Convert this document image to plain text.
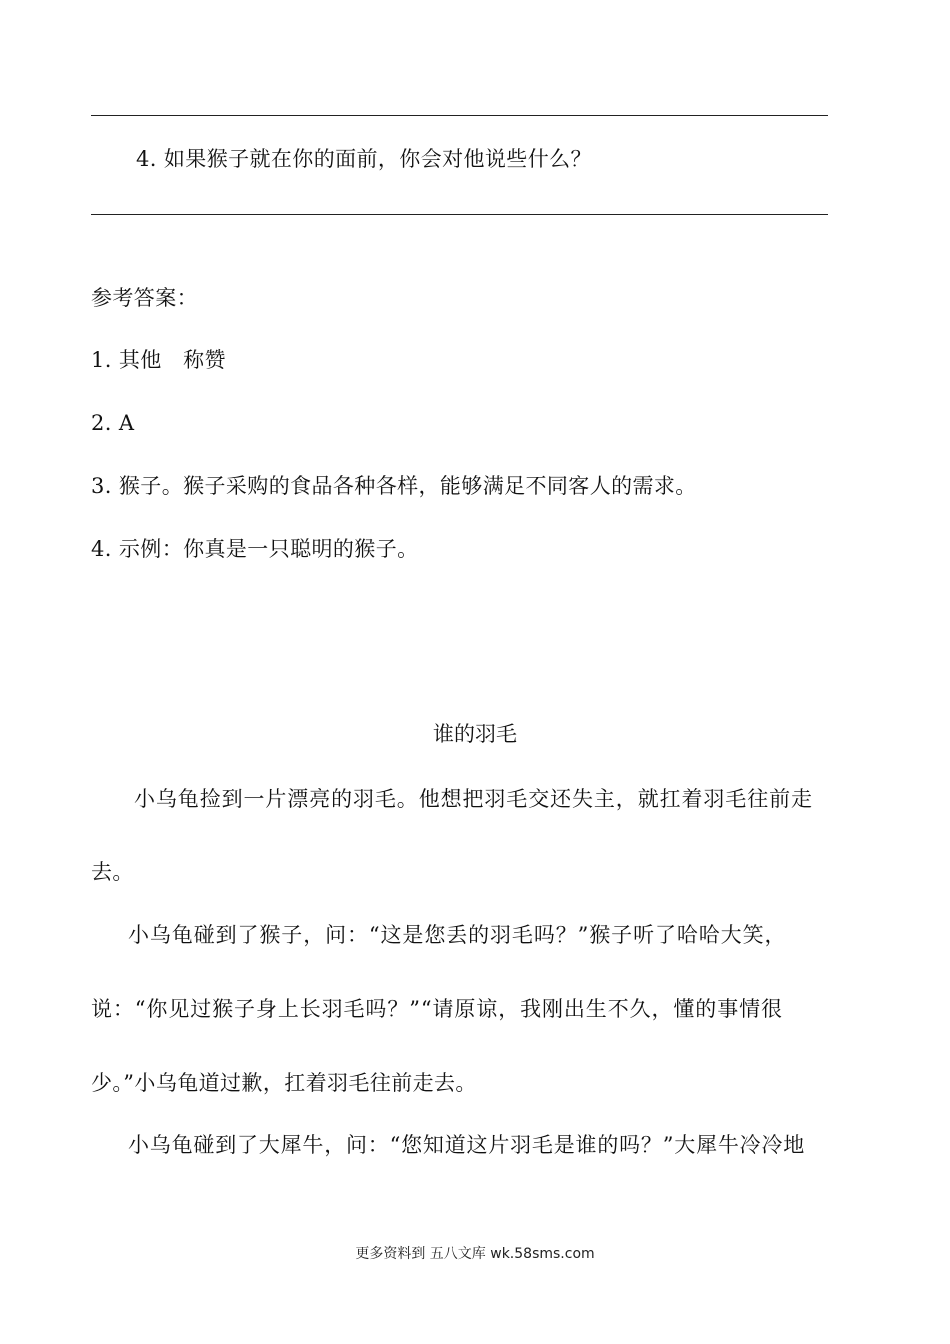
4. 如果猴子就在你的面前，你会对他说些什么？
参考答案：
1. 其他　称赞
2. A
3. 猴子。猴子采购的食品各种各样，能够满足不同客人的需求。
4. 示例：你真是一只聪明的猴子。
谁的羽毛
小乌龟捡到一片漂亮的羽毛。他想把羽毛交还失主，就扛着羽毛往前走
去。
小乌龟碰到了猴子，问：“这是您丢的羽毛吗？”猴子听了哈哈大笑，
说：“你见过猴子身上长羽毛吗？”“请原谅，我刚出生不久，懂的事情很
少。”小乌龟道过歉，扛着羽毛往前走去。
小乌龟碰到了大犀牛，问：“您知道这片羽毛是谁的吗？”大犀牛冷冷地
更多资料到 五八文库 wk.58sms.com
